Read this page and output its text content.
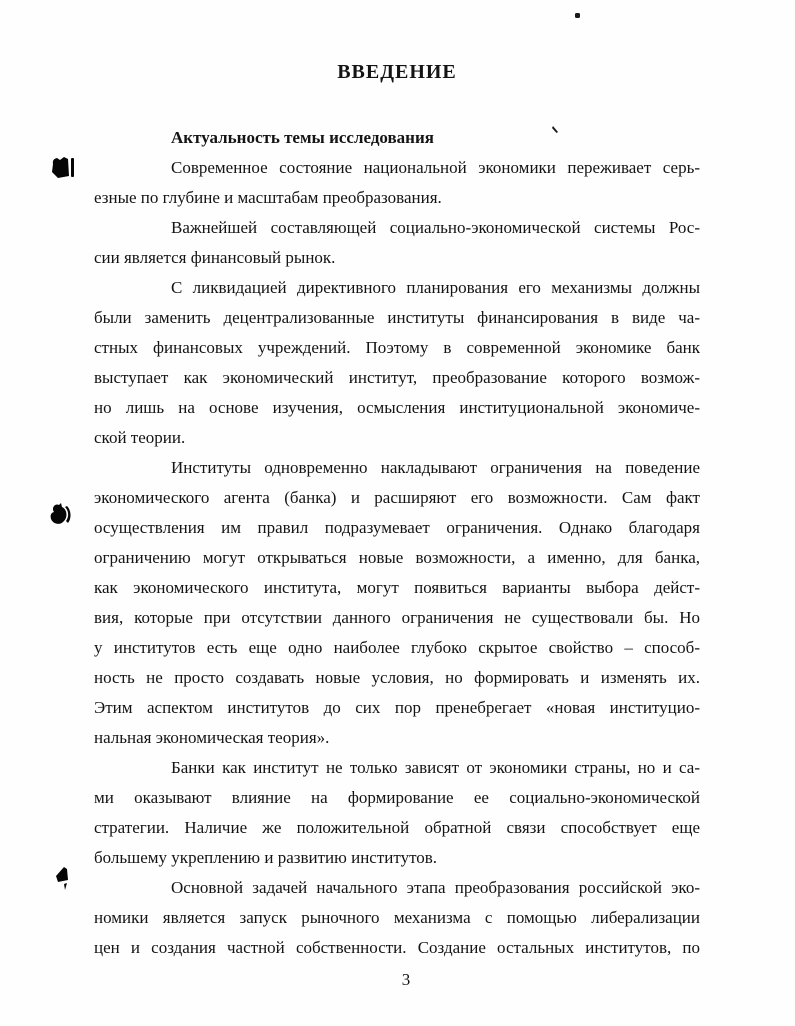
ВВЕДЕНИЕ
Актуальность темы исследования
Современное состояние национальной экономики переживает серь-
езные по глубине и масштабам преобразования.
Важнейшей составляющей социально-экономической системы Рос-
сии является финансовый рынок.
С ликвидацией директивного планирования его механизмы должны
были заменить децентрализованные институты финансирования в виде ча-
стных финансовых учреждений. Поэтому в современной экономике банк
выступает как экономический институт, преобразование которого возмож-
но лишь на основе изучения, осмысления институциональной экономиче-
ской теории.
Институты одновременно накладывают ограничения на поведение
экономического агента (банка) и расширяют его возможности. Сам факт
осуществления им правил подразумевает ограничения. Однако благодаря
ограничению могут открываться новые возможности, а именно, для банка,
как экономического института, могут появиться варианты выбора дейст-
вия, которые при отсутствии данного ограничения не существовали бы. Но
у институтов есть еще одно наиболее глубоко скрытое свойство – способ-
ность не просто создавать новые условия, но формировать и изменять их.
Этим аспектом институтов до сих пор пренебрегает «новая институцио-
нальная экономическая теория».
Банки как институт не только зависят от экономики страны, но и са-
ми оказывают влияние на формирование ее социально-экономической
стратегии. Наличие же положительной обратной связи способствует еще
большему укреплению и развитию институтов.
Основной задачей начального этапа преобразования российской эко-
номики является запуск рыночного механизма с помощью либерализации
цен и создания частной собственности. Создание остальных институтов, по
3
